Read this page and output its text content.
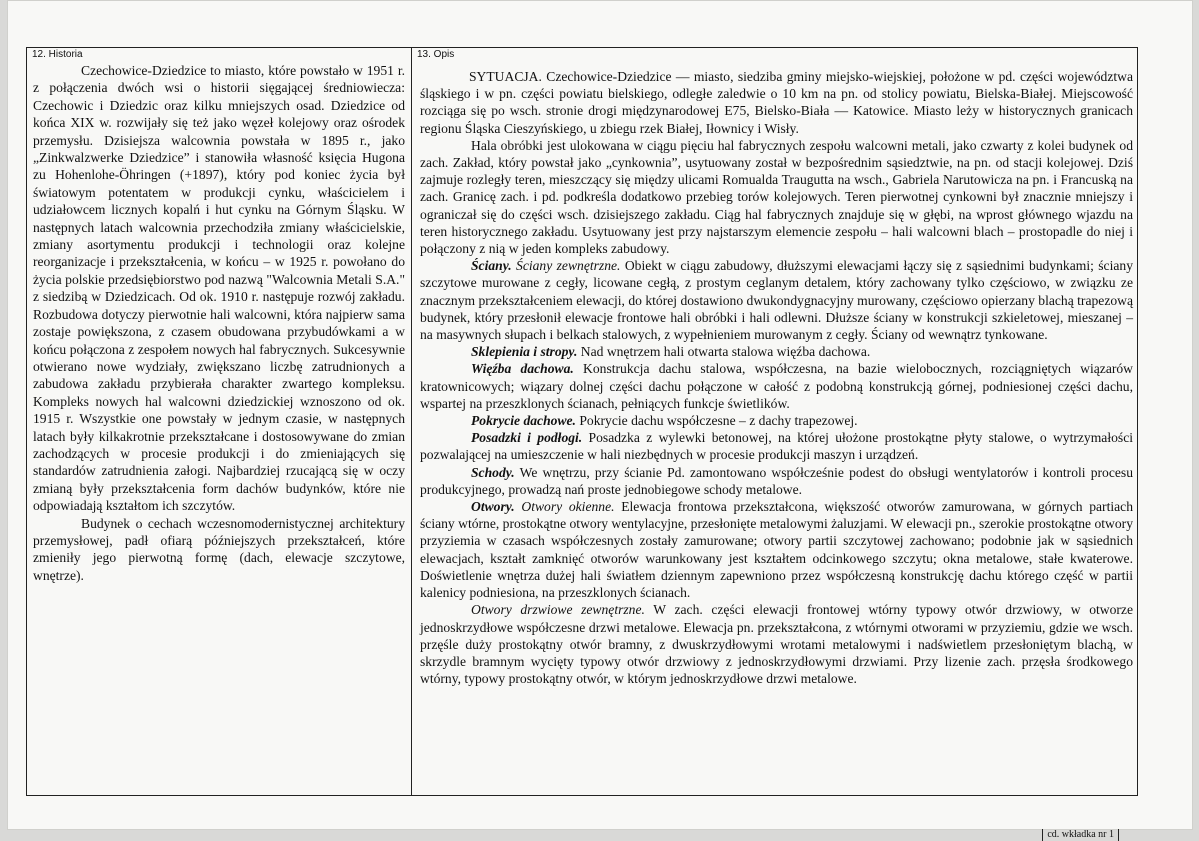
12. Historia

Czechowice-Dziedzice to miasto, które powstało w 1951 r. z połączenia dwóch wsi o historii sięgającej średniowiecza: Czechowic i Dziedzic oraz kilku mniejszych osad. Dziedzice od końca XIX w. rozwijały się też jako węzeł kolejowy oraz ośrodek przemysłu. Dzisiejsza walcownia powstała w 1895 r., jako „Zinkwalzwerke Dziedzice” i stanowiła własność księcia Hugona zu Hohenlohe-Öhringen (+1897), który pod koniec życia był światowym potentatem w produkcji cynku, właścicielem i udziałowcem licznych kopalń i hut cynku na Górnym Śląsku. W następnych latach walcownia przechodziła zmiany właścicielskie, zmiany asortymentu produkcji i technologii oraz kolejne reorganizacje i przekształcenia, w końcu – w 1925 r. powołano do życia polskie przedsiębiorstwo pod nazwą "Walcownia Metali S.A." z siedzibą w Dziedzicach. Od ok. 1910 r. następuje rozwój zakładu. Rozbudowa dotyczy pierwotnie hali walcowni, która najpierw sama zostaje powiększona, z czasem obudowana przybudówkami a w końcu połączona z zespołem nowych hal fabrycznych. Sukcesywnie otwierano nowe wydziały, zwiększano liczbę zatrudnionych a zabudowa zakładu przybierała charakter zwartego kompleksu. Kompleks nowych hal walcowni dziedzickiej wznoszono od ok. 1915 r. Wszystkie one powstały w jednym czasie, w następnych latach były kilkakrotnie przekształcane i dostosowywane do zmian zachodzących w procesie produkcji i do zmieniających się standardów zatrudnienia załogi. Najbardziej rzucającą się w oczy zmianą były przekształcenia form dachów budynków, które nie odpowiadają kształtom ich szczytów.

Budynek o cechach wczesnomodernistycznej architektury przemysłowej, padł ofiarą późniejszych przekształceń, które zmieniły jego pierwotną formę (dach, elewacje szczytowe, wnętrze).

13. Opis

SYTUACJA. Czechowice-Dziedzice — miasto, siedziba gminy miejsko-wiejskiej, położone w pd. części województwa śląskiego i w pn. części powiatu bielskiego, odległe zaledwie o 10 km na pn. od stolicy powiatu, Bielska-Białej. Miejscowość rozciąga się po wsch. stronie drogi międzynarodowej E75, Bielsko-Biała — Katowice. Miasto leży w historycznych granicach regionu Śląska Cieszyńskiego, u zbiegu rzek Białej, Iłownicy i Wisły.

Hala obróbki jest ulokowana w ciągu pięciu hal fabrycznych zespołu walcowni metali, jako czwarty z kolei budynek od zach. Zakład, który powstał jako „cynkownia”, usytuowany został w bezpośrednim sąsiedztwie, na pn. od stacji kolejowej. Dziś zajmuje rozległy teren, mieszczący się między ulicami Romualda Traugutta na wsch., Gabriela Narutowicza na pn. i Francuską na zach. Granicę zach. i pd. podkreśla dodatkowo przebieg torów kolejowych. Teren pierwotnej cynkowni był znacznie mniejszy i ograniczał się do części wsch. dzisiejszego zakładu. Ciąg hal fabrycznych znajduje się w głębi, na wprost głównego wjazdu na teren historycznego zakładu. Usytuowany jest przy najstarszym elemencie zespołu – hali walcowni blach – prostopadle do niej i połączony z nią w jeden kompleks zabudowy.

Ściany. Ściany zewnętrzne. Obiekt w ciągu zabudowy, dłuższymi elewacjami łączy się z sąsiednimi budynkami; ściany szczytowe murowane z cegły, licowane cegłą, z prostym ceglanym detalem, który zachowany tylko częściowo, w związku ze znacznym przekształceniem elewacji, do której dostawiono dwukondygnacyjny murowany, częściowo opierzany blachą trapezową budynek, który przesłonił elewacje frontowe hali obróbki i hali odlewni. Dłuższe ściany w konstrukcji szkieletowej, mieszanej – na masywnych słupach i belkach stalowych, z wypełnieniem murowanym z cegły. Ściany od wewnątrz tynkowane.

Sklepienia i stropy. Nad wnętrzem hali otwarta stalowa więźba dachowa.

Więźba dachowa. Konstrukcja dachu stalowa, współczesna, na bazie wielobocznych, rozciągniętych wiązarów kratownicowych; wiązary dolnej części dachu połączone w całość z podobną konstrukcją górnej, podniesionej części dachu, wspartej na przeszklonych ścianach, pełniących funkcje świetlików.

Pokrycie dachowe. Pokrycie dachu współczesne – z dachy trapezowej.

Posadzki i podłogi. Posadzka z wylewki betonowej, na której ułożone prostokątne płyty stalowe, o wytrzymałości pozwalającej na umieszczenie w hali niezbędnych w procesie produkcji maszyn i urządzeń.

Schody. We wnętrzu, przy ścianie Pd. zamontowano współcześnie podest do obsługi wentylatorów i kontroli procesu produkcyjnego, prowadzą nań proste jednobiegowe schody metalowe.

Otwory. Otwory okienne. Elewacja frontowa przekształcona, większość otworów zamurowana, w górnych partiach ściany wtórne, prostokątne otwory wentylacyjne, przesłonięte metalowymi żaluzjami. W elewacji pn., szerokie prostokątne otwory przyziemia w czasach współczesnych zostały zamurowane; otwory partii szczytowej zachowano; podobnie jak w sąsiednich elewacjach, kształt zamknięć otworów warunkowany jest kształtem odcinkowego szczytu; okna metalowe, stałe kwaterowe. Doświetlenie wnętrza dużej hali światłem dziennym zapewniono przez współczesną konstrukcję dachu którego część w partii kalenicy podniesiona, na przeszklonych ścianach.

Otwory drzwiowe zewnętrzne. W zach. części elewacji frontowej wtórny typowy otwór drzwiowy, w otworze jednoskrzydłowe współczesne drzwi metalowe. Elewacja pn. przekształcona, z wtórnymi otworami w przyziemiu, gdzie we wsch. przęśle duży prostokątny otwór bramny, z dwuskrzydłowymi wrotami metalowymi i nadświetlem przesłoniętym blachą, w skrzydle bramnym wycięty typowy otwór drzwiowy z jednoskrzydłowymi drzwiami. Przy lizenie zach. przęsła środkowego wtórny, typowy prostokątny otwór, w którym jednoskrzydłowe drzwi metalowe.

cd. wkładka nr 1
